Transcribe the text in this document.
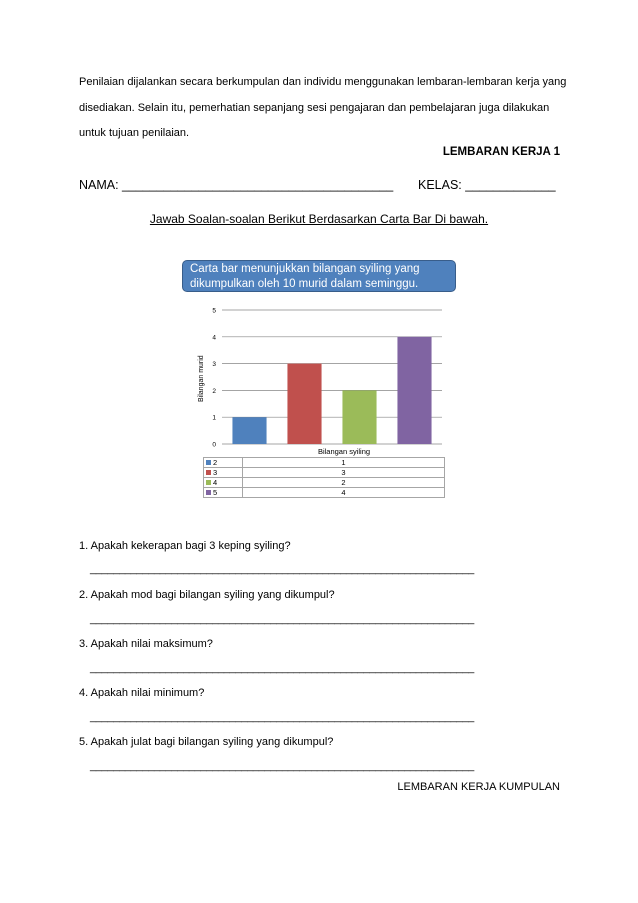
Penilaian dijalankan secara berkumpulan dan individu menggunakan lembaran-lembaran kerja yang disediakan. Selain itu, pemerhatian sepanjang sesi pengajaran dan pembelajaran juga dilakukan untuk tujuan penilaian.
LEMBARAN KERJA 1
NAMA: _______________________________________ KELAS: _____________
Jawab Soalan-soalan Berikut Berdasarkan Carta Bar Di bawah.
Carta bar menunjukkan bilangan syiling yang
dikumpulkan oleh 10 murid dalam seminggu.
0
1
2
3
4
5
Bilangan murid
Bilangan syiling
2	1
3	3
4	2
5	4
1. Apakah kekerapan bagi 3 keping syiling?
__________________________________________________________________
2. Apakah mod bagi bilangan syiling yang dikumpul?
__________________________________________________________________
3. Apakah nilai maksimum?
__________________________________________________________________
4. Apakah nilai minimum?
__________________________________________________________________
5. Apakah julat bagi bilangan syiling yang dikumpul?
__________________________________________________________________
LEMBARAN KERJA KUMPULAN
